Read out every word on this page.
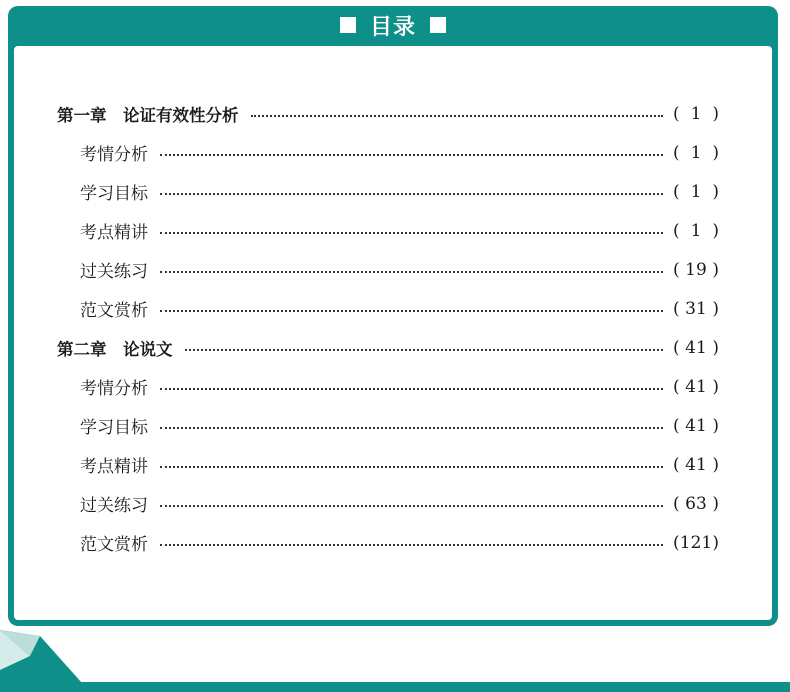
目录
第一章　论证有效性分析	( 1 )
考情分析	( 1 )
学习目标	( 1 )
考点精讲	( 1 )
过关练习	( 19 )
范文赏析	( 31 )
第二章　论说文	( 41 )
考情分析	( 41 )
学习目标	( 41 )
考点精讲	( 41 )
过关练习	( 63 )
范文赏析	( 121 )
